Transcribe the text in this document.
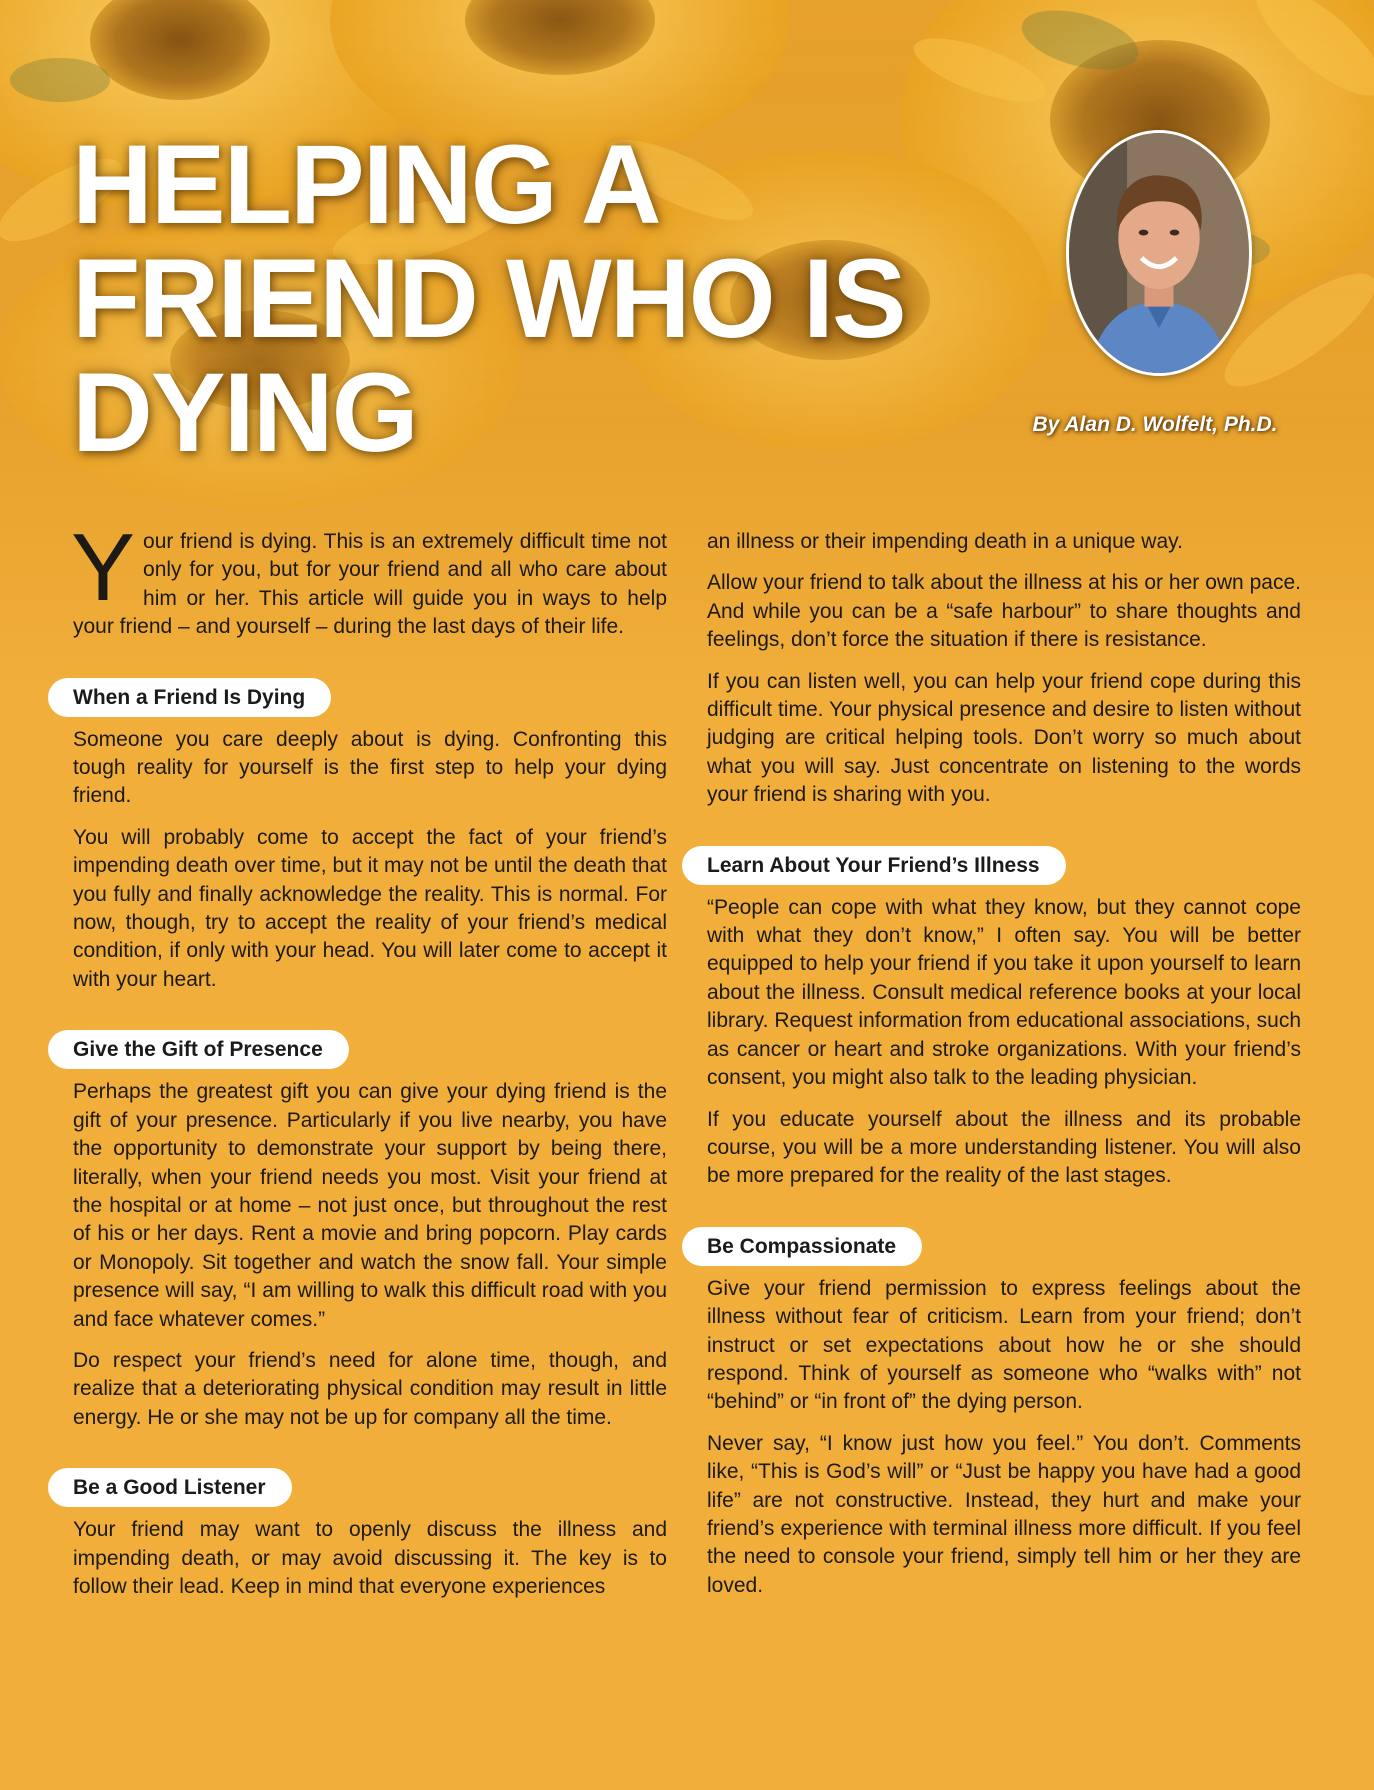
HELPING A
FRIEND WHO IS
DYING	By Alan D. Wolfelt, Ph.D.

Y our friend is dying. This is an extremely difficult time not only for you, but for your friend and all who care about him or her. This article will guide you in ways to help your friend – and yourself – during the last days of their life.

When a Friend Is Dying

Someone you care deeply about is dying. Confronting this tough reality for yourself is the first step to help your dying friend.

You will probably come to accept the fact of your friend’s impending death over time, but it may not be until the death that you fully and finally acknowledge the reality. This is normal. For now, though, try to accept the reality of your friend’s medical condition, if only with your head. You will later come to accept it with your heart.

Give the Gift of Presence

Perhaps the greatest gift you can give your dying friend is the gift of your presence. Particularly if you live nearby, you have the opportunity to demonstrate your support by being there, literally, when your friend needs you most. Visit your friend at the hospital or at home – not just once, but throughout the rest of his or her days. Rent a movie and bring popcorn. Play cards or Monopoly. Sit together and watch the snow fall. Your simple presence will say, “I am willing to walk this difficult road with you and face whatever comes.”

Do respect your friend’s need for alone time, though, and realize that a deteriorating physical condition may result in little energy. He or she may not be up for company all the time.

Be a Good Listener

Your friend may want to openly discuss the illness and impending death, or may avoid discussing it. The key is to follow their lead. Keep in mind that everyone experiences

an illness or their impending death in a unique way.

Allow your friend to talk about the illness at his or her own pace. And while you can be a “safe harbour” to share thoughts and feelings, don’t force the situation if there is resistance.

If you can listen well, you can help your friend cope during this difficult time. Your physical presence and desire to listen without judging are critical helping tools. Don’t worry so much about what you will say. Just concentrate on listening to the words your friend is sharing with you.

Learn About Your Friend’s Illness

“People can cope with what they know, but they cannot cope with what they don’t know,” I often say. You will be better equipped to help your friend if you take it upon yourself to learn about the illness. Consult medical reference books at your local library. Request information from educational associations, such as cancer or heart and stroke organizations. With your friend’s consent, you might also talk to the leading physician.

If you educate yourself about the illness and its probable course, you will be a more understanding listener. You will also be more prepared for the reality of the last stages.

Be Compassionate

Give your friend permission to express feelings about the illness without fear of criticism. Learn from your friend; don’t instruct or set expectations about how he or she should respond. Think of yourself as someone who “walks with” not “behind” or “in front of” the dying person.

Never say, “I know just how you feel.” You don’t. Comments like, “This is God’s will” or “Just be happy you have had a good life” are not constructive. Instead, they hurt and make your friend’s experience with terminal illness more difficult. If you feel the need to console your friend, simply tell him or her they are loved.
